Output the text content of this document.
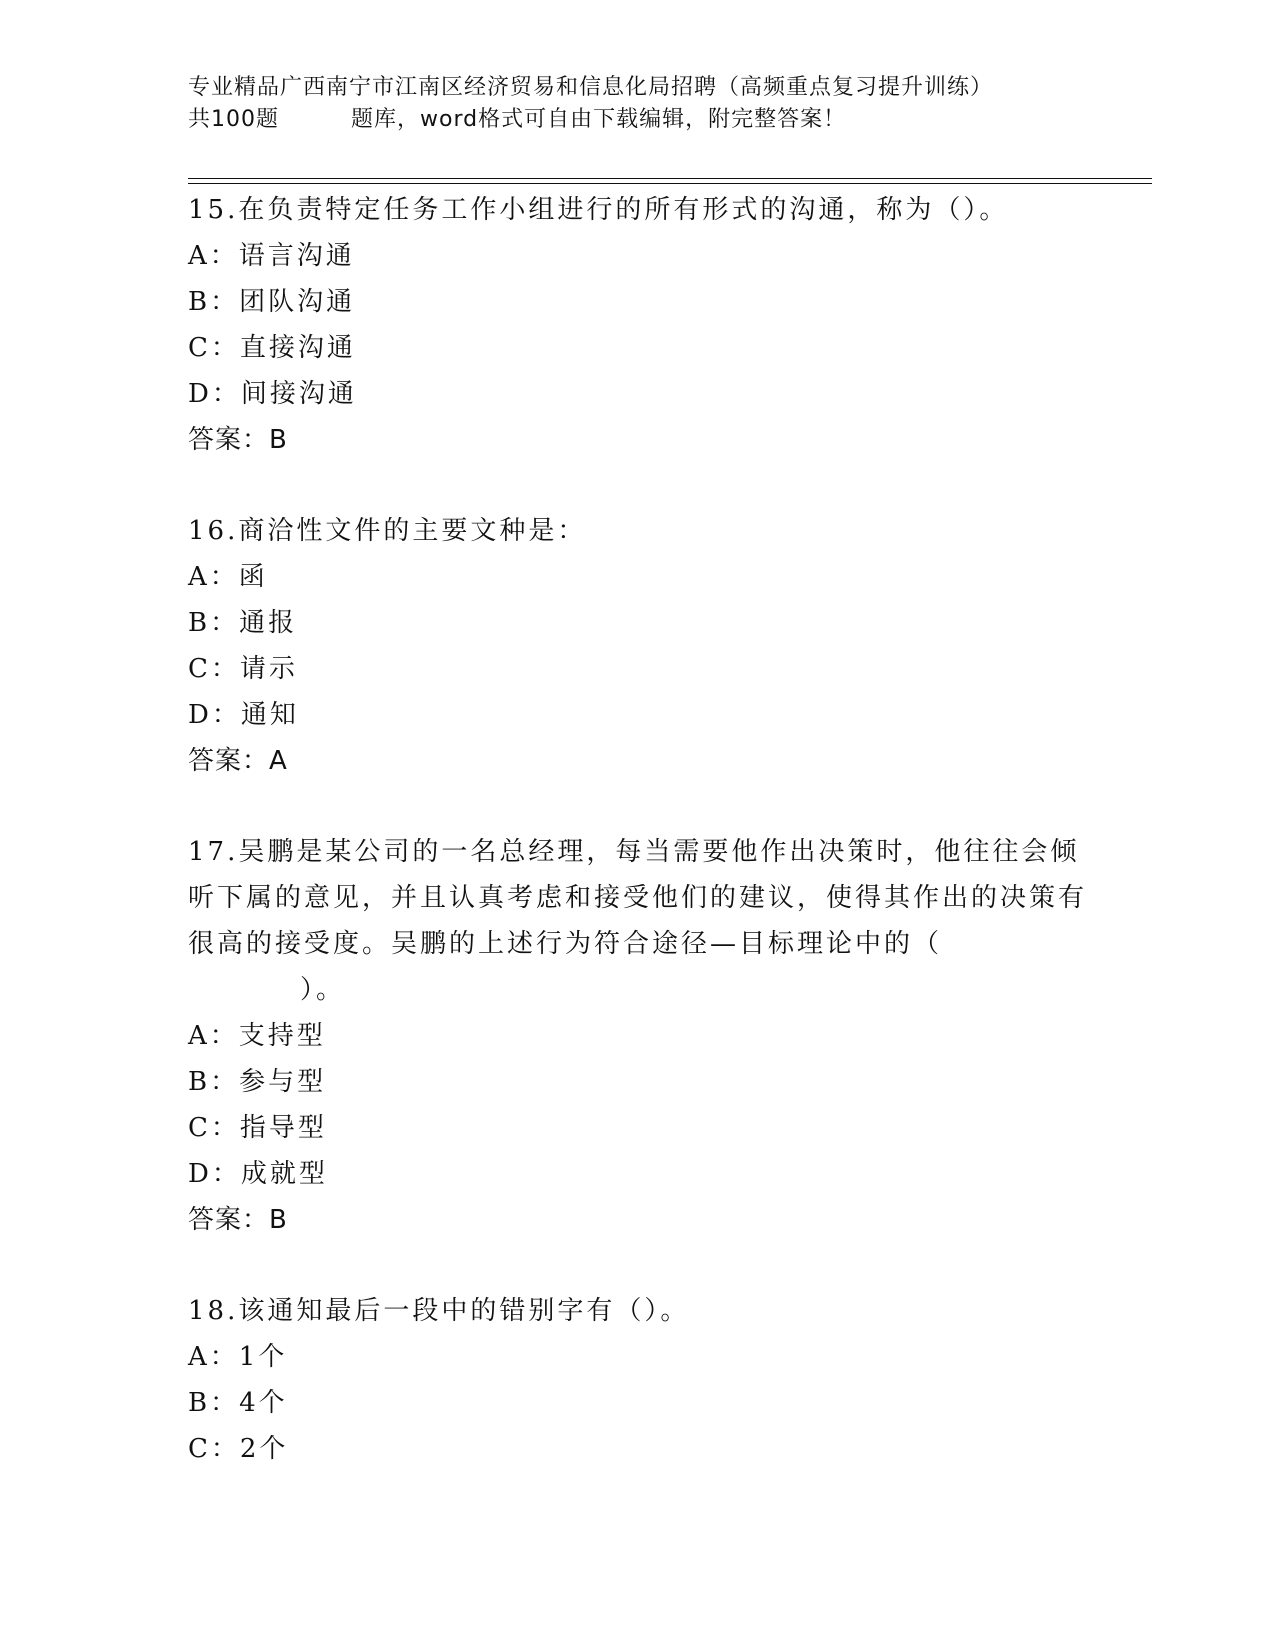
专业精品广西南宁市江南区经济贸易和信息化局招聘（高频重点复习提升训练）
共100题	题库，word格式可自由下载编辑，附完整答案！
15.在负责特定任务工作小组进行的所有形式的沟通，称为（）。
A：语言沟通
B：团队沟通
C：直接沟通
D：间接沟通
答案：B
16.商洽性文件的主要文种是：
A：函
B：通报
C：请示
D：通知
答案：A
17.吴鹏是某公司的一名总经理，每当需要他作出决策时，他往往会倾听下属的意见，并且认真考虑和接受他们的建议，使得其作出的决策有很高的接受度。吴鹏的上述行为符合途径—目标理论中的（
）。
A：支持型
B：参与型
C：指导型
D：成就型
答案：B
18.该通知最后一段中的错别字有（）。
A：1个
B：4个
C：2个
